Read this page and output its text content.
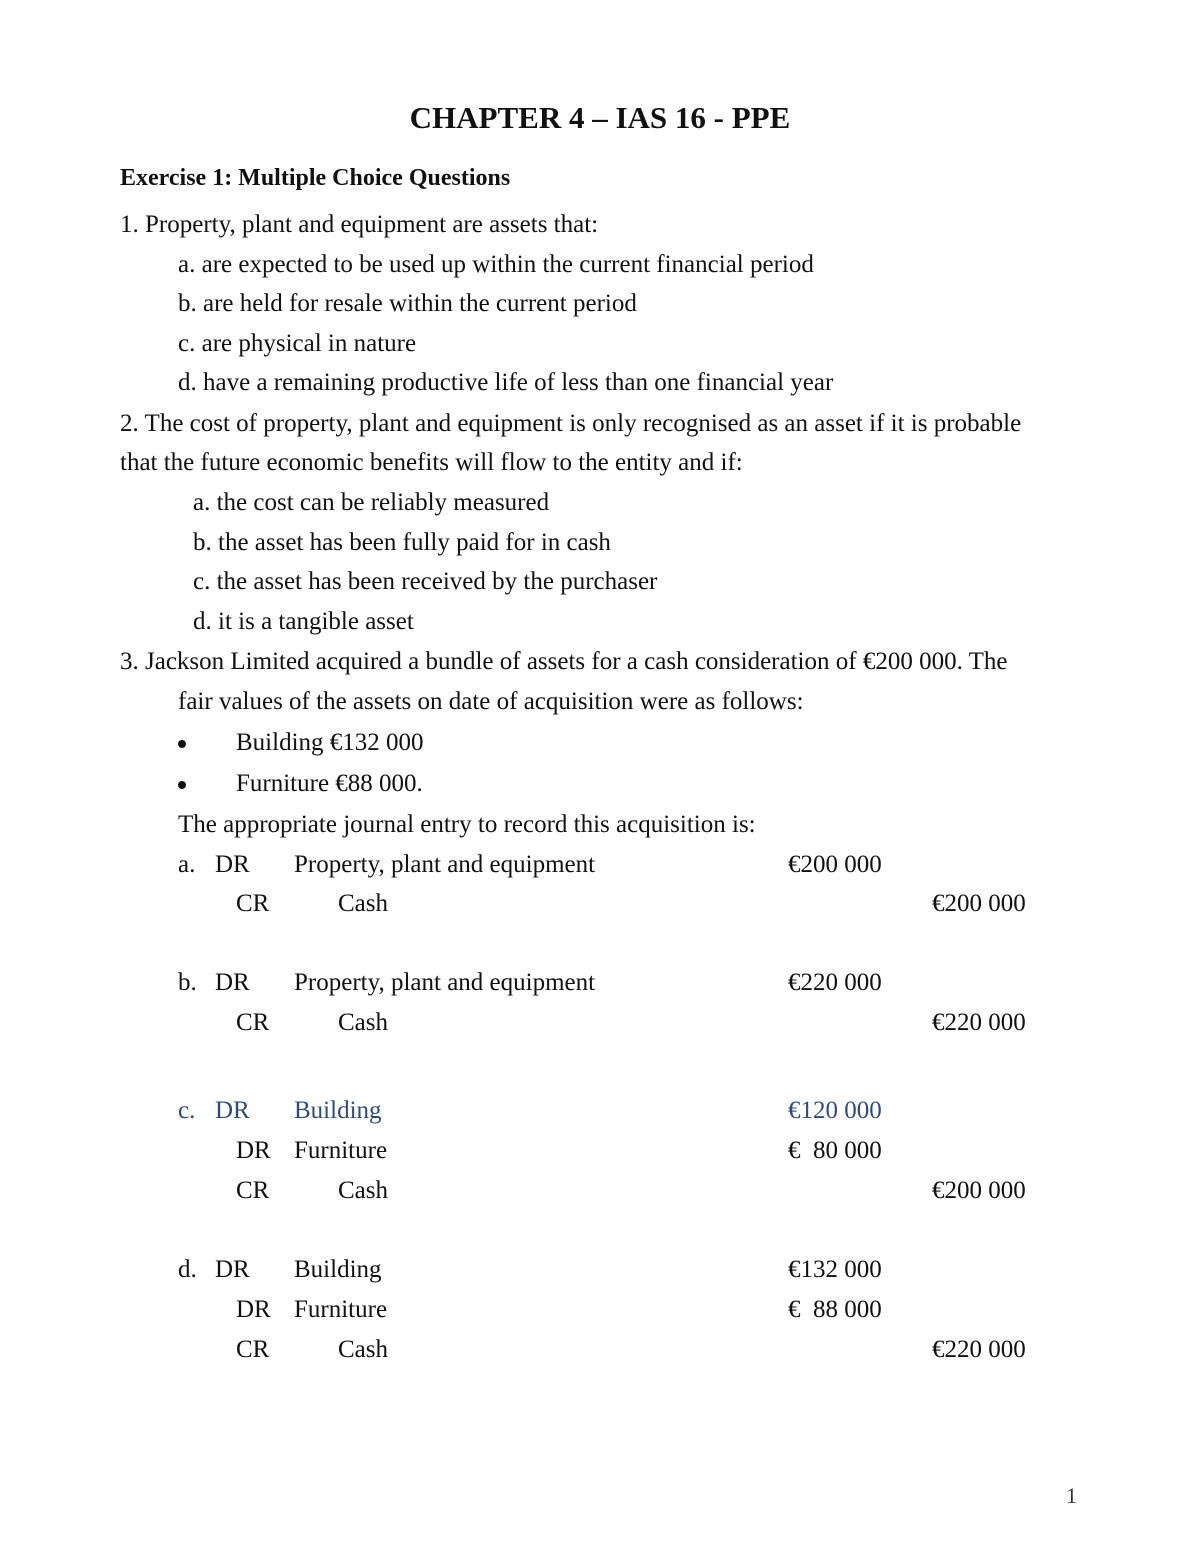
CHAPTER 4 – IAS 16 - PPE
Exercise 1: Multiple Choice Questions
1. Property, plant and equipment are assets that:
a. are expected to be used up within the current financial period
b. are held for resale within the current period
c. are physical in nature
d. have a remaining productive life of less than one financial year
2. The cost of property, plant and equipment is only recognised as an asset if it is probable
that the future economic benefits will flow to the entity and if:
a. the cost can be reliably measured
b. the asset has been fully paid for in cash
c. the asset has been received by the purchaser
d. it is a tangible asset
3. Jackson Limited acquired a bundle of assets for a cash consideration of €200 000. The
fair values of the assets on date of acquisition were as follows:
Building €132 000
Furniture €88 000.
The appropriate journal entry to record this acquisition is:
a. DR Property, plant and equipment	€200 000
CR	Cash	€200 000
b. DR Property, plant and equipment	€220 000
CR	Cash	€220 000
c. DR Building	€120 000
DR Furniture	€  80 000
CR	Cash	€200 000
d. DR Building	€132 000
DR Furniture	€  88 000
CR	Cash	€220 000
1
